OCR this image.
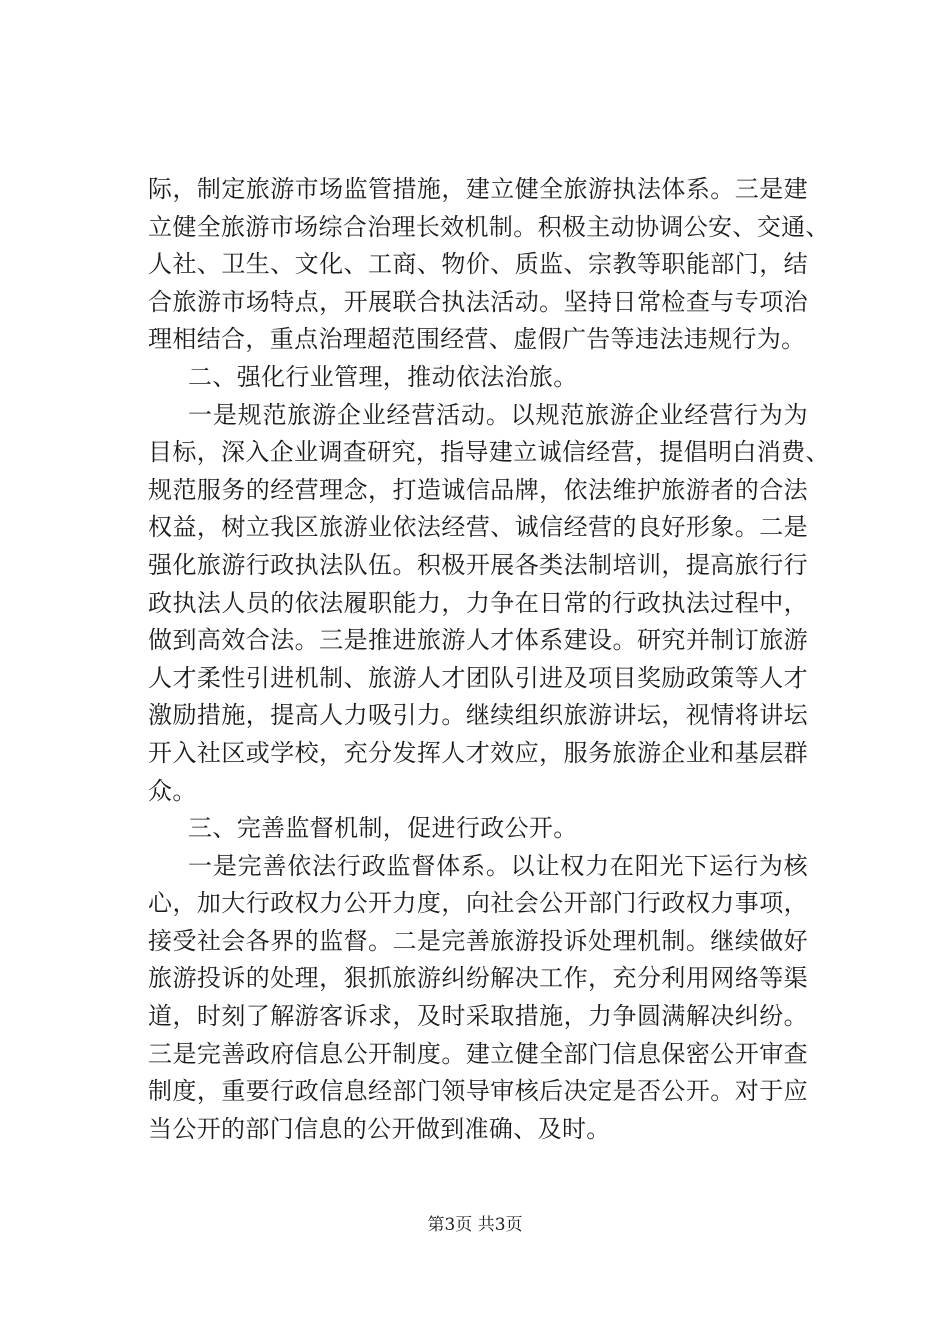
际，制定旅游市场监管措施，建立健全旅游执法体系。三是建
立健全旅游市场综合治理长效机制。积极主动协调公安、交通、
人社、卫生、文化、工商、物价、质监、宗教等职能部门，结
合旅游市场特点，开展联合执法活动。坚持日常检查与专项治
理相结合，重点治理超范围经营、虚假广告等违法违规行为。
二、强化行业管理，推动依法治旅。
一是规范旅游企业经营活动。以规范旅游企业经营行为为
目标，深入企业调查研究，指导建立诚信经营，提倡明白消费、
规范服务的经营理念，打造诚信品牌，依法维护旅游者的合法
权益，树立我区旅游业依法经营、诚信经营的良好形象。二是
强化旅游行政执法队伍。积极开展各类法制培训，提高旅行行
政执法人员的依法履职能力，力争在日常的行政执法过程中，
做到高效合法。三是推进旅游人才体系建设。研究并制订旅游
人才柔性引进机制、旅游人才团队引进及项目奖励政策等人才
激励措施，提高人力吸引力。继续组织旅游讲坛，视情将讲坛
开入社区或学校，充分发挥人才效应，服务旅游企业和基层群
众。
三、完善监督机制，促进行政公开。
一是完善依法行政监督体系。以让权力在阳光下运行为核
心，加大行政权力公开力度，向社会公开部门行政权力事项，
接受社会各界的监督。二是完善旅游投诉处理机制。继续做好
旅游投诉的处理，狠抓旅游纠纷解决工作，充分利用网络等渠
道，时刻了解游客诉求，及时采取措施，力争圆满解决纠纷。
三是完善政府信息公开制度。建立健全部门信息保密公开审查
制度，重要行政信息经部门领导审核后决定是否公开。对于应
当公开的部门信息的公开做到准确、及时。
第3页 共3页
